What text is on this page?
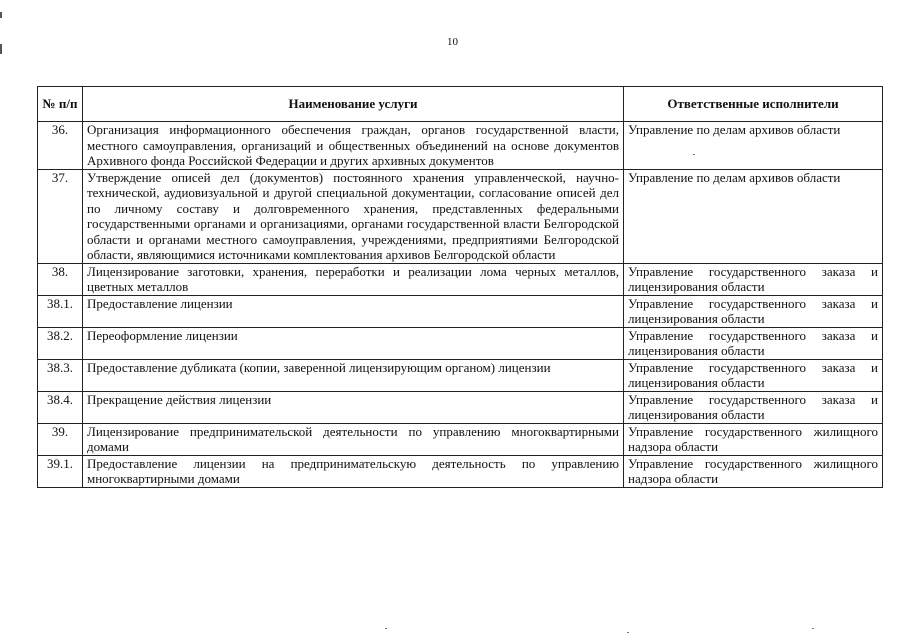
10
№ п/п	Наименование услуги	Ответственные исполнители
36.	Организация информационного обеспечения граждан, органов государственной власти, местного самоуправления, организаций и общественных объединений на основе документов Архивного фонда Российской Федерации и других архивных документов	Управление по делам архивов области
37.	Утверждение описей дел (документов) постоянного хранения управленческой, научно-технической, аудиовизуальной и другой специальной документации, согласование описей дел по личному составу и долговременного хранения, представленных федеральными государственными органами и организациями, органами государственной власти Белгородской области и органами местного самоуправления, учреждениями, предприятиями Белгородской области, являющимися источниками комплектования архивов Белгородской области	Управление по делам архивов области
38.	Лицензирование заготовки, хранения, переработки и реализации лома черных металлов, цветных металлов	Управление государственного заказа и лицензирования области
38.1.	Предоставление лицензии	Управление государственного заказа и лицензирования области
38.2.	Переоформление лицензии	Управление государственного заказа и лицензирования области
38.3.	Предоставление дубликата (копии, заверенной лицензирующим органом) лицензии	Управление государственного заказа и лицензирования области
38.4.	Прекращение действия лицензии	Управление государственного заказа и лицензирования области
39.	Лицензирование предпринимательской деятельности по управлению многоквартирными домами	Управление государственного жилищного надзора области
39.1.	Предоставление лицензии на предпринимательскую деятельность по управлению многоквартирными домами	Управление государственного жилищного надзора области
